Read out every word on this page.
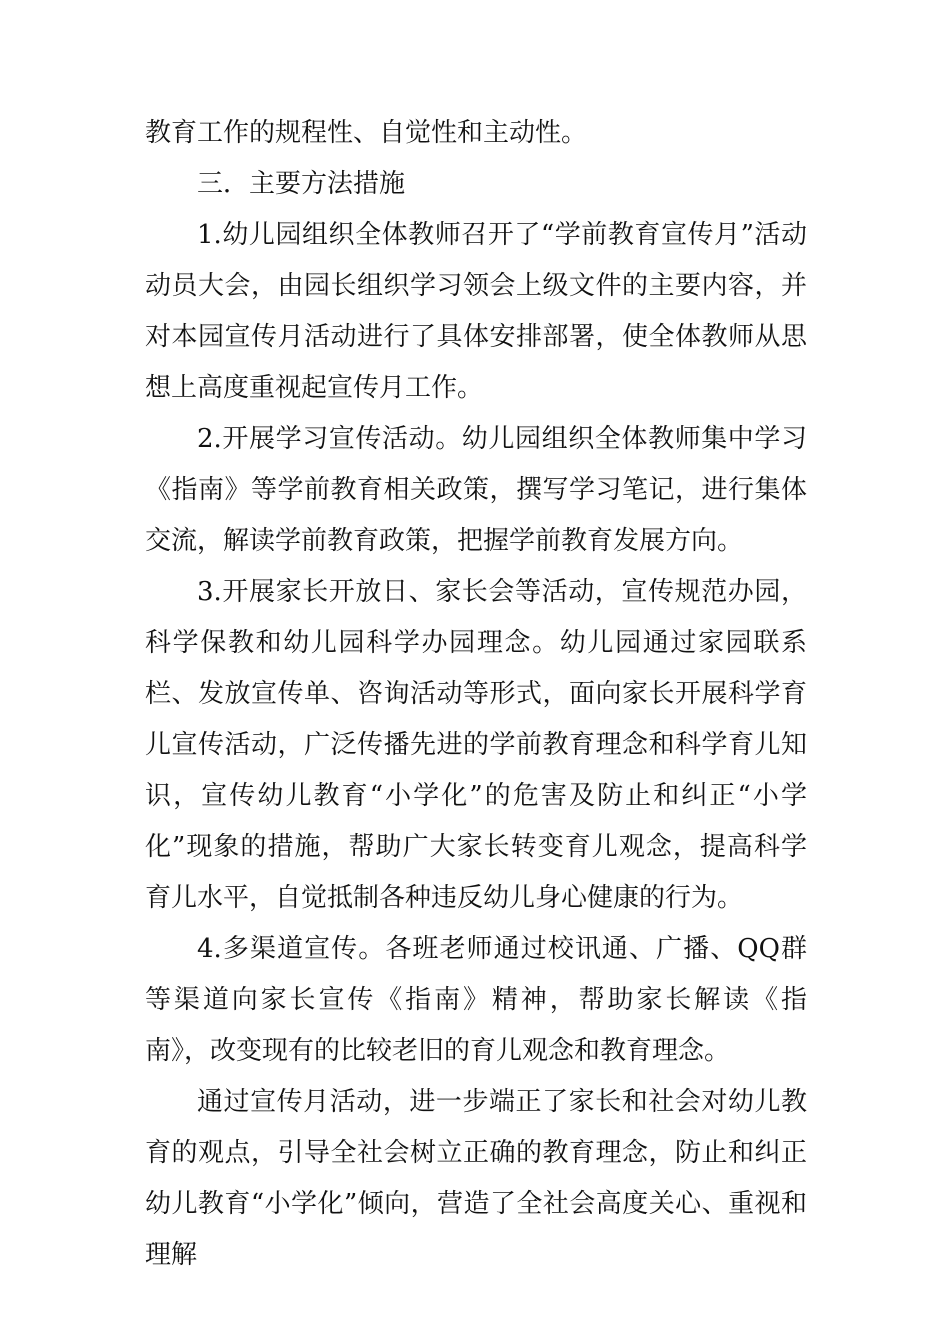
教育工作的规程性、自觉性和主动性。

三．主要方法措施

1.幼儿园组织全体教师召开了“学前教育宣传月”活动动员大会，由园长组织学习领会上级文件的主要内容，并对本园宣传月活动进行了具体安排部署，使全体教师从思想上高度重视起宣传月工作。

2.开展学习宣传活动。幼儿园组织全体教师集中学习《指南》等学前教育相关政策，撰写学习笔记，进行集体交流，解读学前教育政策，把握学前教育发展方向。

3.开展家长开放日、家长会等活动，宣传规范办园，科学保教和幼儿园科学办园理念。幼儿园通过家园联系栏、发放宣传单、咨询活动等形式，面向家长开展科学育儿宣传活动，广泛传播先进的学前教育理念和科学育儿知识，宣传幼儿教育“小学化”的危害及防止和纠正“小学化”现象的措施，帮助广大家长转变育儿观念，提高科学育儿水平，自觉抵制各种违反幼儿身心健康的行为。

4.多渠道宣传。各班老师通过校讯通、广播、QQ群等渠道向家长宣传《指南》精神，帮助家长解读《指南》，改变现有的比较老旧的育儿观念和教育理念。

通过宣传月活动，进一步端正了家长和社会对幼儿教育的观点，引导全社会树立正确的教育理念，防止和纠正幼儿教育“小学化”倾向，营造了全社会高度关心、重视和理解
